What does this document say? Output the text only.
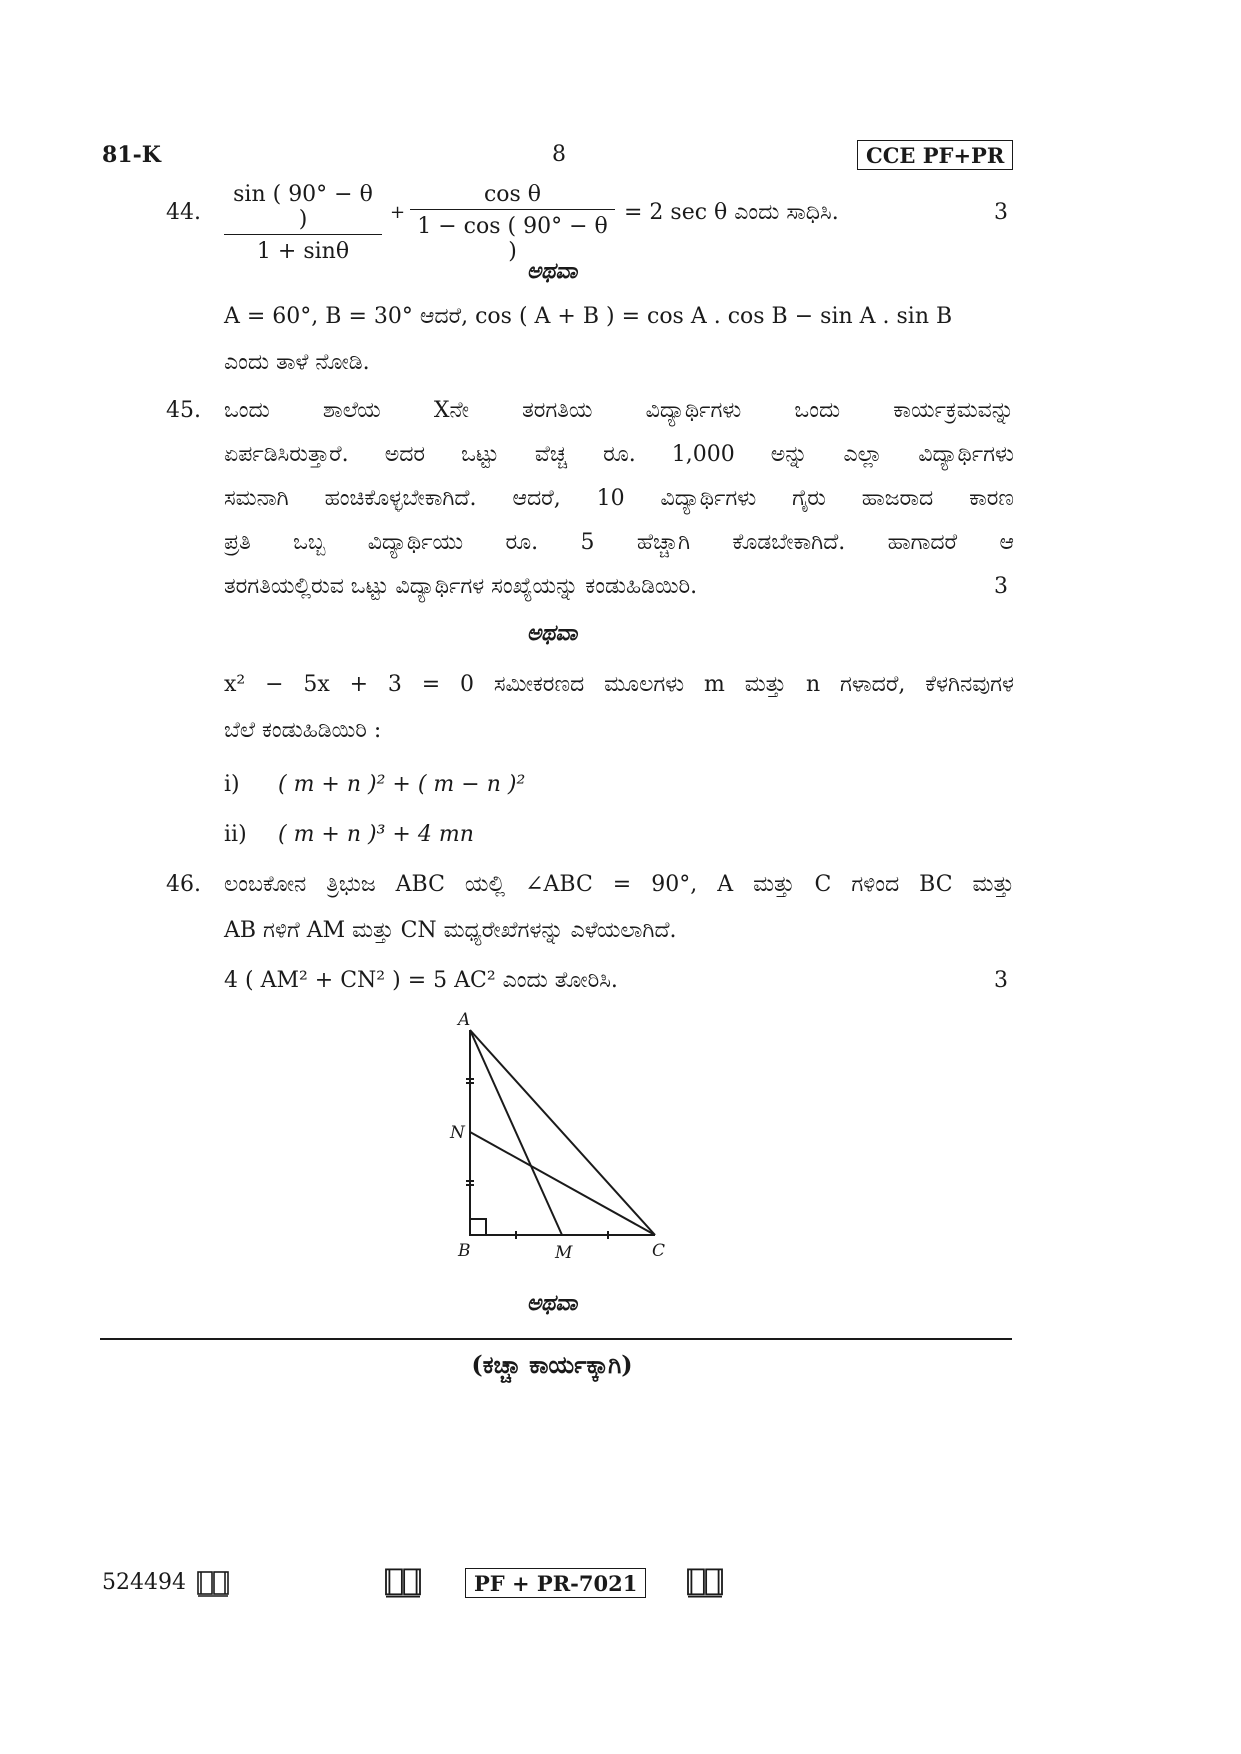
81-K	8	CCE PF+PR
44. $\frac{\sin ( 90^\circ - \theta )}{1 + \sin\theta} + \frac{\text{cos θ}}{1 - \cos ( 90^\circ - \theta )} = 2$ sec θ ಎಂದು ಸಾಧಿಸಿ.	3
ಅಥವಾ
A = 60°, B = 30° ಆದರೆ, cos ( A + B ) = cos A . cos B − sin A . sin B
ಎಂದು ತಾಳೆ ನೋಡಿ.
45. ಒಂದು ಶಾಲೆಯ Xನೇ ತರಗತಿಯ ವಿದ್ಯಾರ್ಥಿಗಳು ಒಂದು ಕಾರ್ಯಕ್ರಮವನ್ನು
ಏರ್ಪಡಿಸಿರುತ್ತಾರೆ. ಅದರ ಒಟ್ಟು ವೆಚ್ಚ ರೂ. 1,000 ಅನ್ನು ಎಲ್ಲಾ ವಿದ್ಯಾರ್ಥಿಗಳು
ಸಮನಾಗಿ ಹಂಚಿಕೊಳ್ಳಬೇಕಾಗಿದೆ. ಆದರೆ, 10 ವಿದ್ಯಾರ್ಥಿಗಳು ಗೈರು ಹಾಜರಾದ ಕಾರಣ
ಪ್ರತಿ ಒಬ್ಬ ವಿದ್ಯಾರ್ಥಿಯು ರೂ. 5 ಹೆಚ್ಚಾಗಿ ಕೊಡಬೇಕಾಗಿದೆ. ಹಾಗಾದರೆ ಆ
ತರಗತಿಯಲ್ಲಿರುವ ಒಟ್ಟು ವಿದ್ಯಾರ್ಥಿಗಳ ಸಂಖ್ಯೆಯನ್ನು ಕಂಡುಹಿಡಿಯಿರಿ.	3
ಅಥವಾ
x² − 5x + 3 = 0 ಸಮೀಕರಣದ ಮೂಲಗಳು m ಮತ್ತು n ಗಳಾದರೆ, ಕೆಳಗಿನವುಗಳ
ಬೆಲೆ ಕಂಡುಹಿಡಿಯಿರಿ :
i) ( m + n )² + ( m − n )²
ii) ( m + n )³ + 4 mn
46. ಲಂಬಕೋನ ತ್ರಿಭುಜ ABC ಯಲ್ಲಿ ∠ABC = 90°, A ಮತ್ತು C ಗಳಿಂದ BC ಮತ್ತು
AB ಗಳಿಗೆ AM ಮತ್ತು CN ಮಧ್ಯರೇಖೆಗಳನ್ನು ಎಳೆಯಲಾಗಿದೆ.
4 ( AM² + CN² ) = 5 AC² ಎಂದು ತೋರಿಸಿ.	3
A
N
B	M	C
ಅಥವಾ
(ಕಚ್ಚಾ ಕಾರ್ಯಕ್ಕಾಗಿ)
524494	PF + PR-7021
